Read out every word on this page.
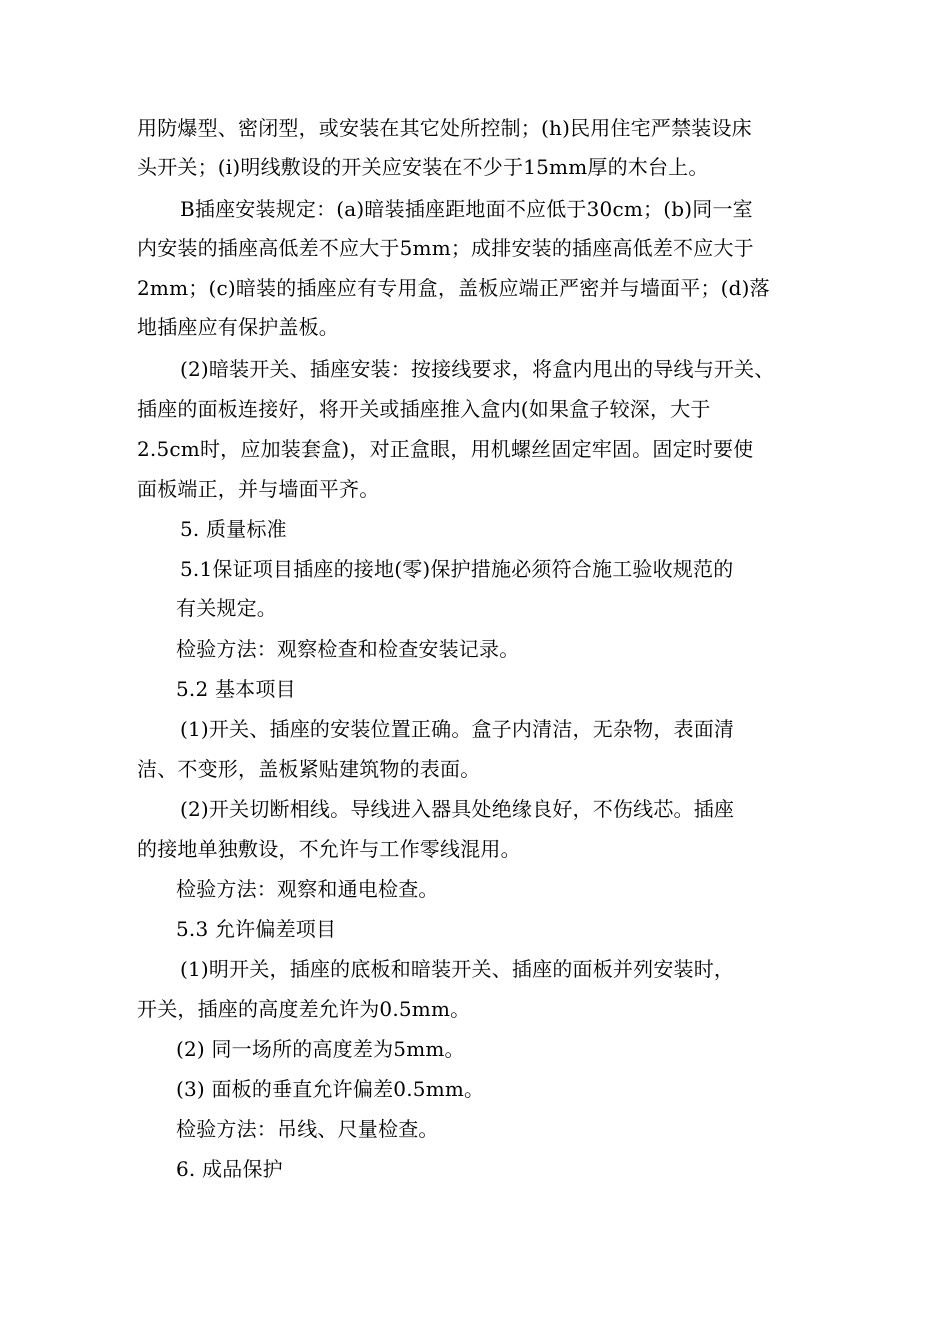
用防爆型、密闭型，或安装在其它处所控制；(h)民用住宅严禁装设床
头开关；(i)明线敷设的开关应安装在不少于15mm厚的木台上。
B插座安装规定：(a)暗装插座距地面不应低于30cm；(b)同一室
内安装的插座高低差不应大于5mm；成排安装的插座高低差不应大于
2mm；(c)暗装的插座应有专用盒，盖板应端正严密并与墙面平；(d)落
地插座应有保护盖板。
(2)暗装开关、插座安装：按接线要求，将盒内甩出的导线与开关、
插座的面板连接好，将开关或插座推入盒内(如果盒子较深，大于
2.5cm时，应加装套盒)，对正盒眼，用机螺丝固定牢固。固定时要使
面板端正，并与墙面平齐。
5. 质量标准
5.1保证项目插座的接地(零)保护措施必须符合施工验收规范的
有关规定。
检验方法：观察检查和检查安装记录。
5.2 基本项目
(1)开关、插座的安装位置正确。盒子内清洁，无杂物，表面清
洁、不变形，盖板紧贴建筑物的表面。
(2)开关切断相线。导线进入器具处绝缘良好，不伤线芯。插座
的接地单独敷设，不允许与工作零线混用。
检验方法：观察和通电检查。
5.3 允许偏差项目
(1)明开关，插座的底板和暗装开关、插座的面板并列安装时，
开关，插座的高度差允许为0.5mm。
(2) 同一场所的高度差为5mm。
(3) 面板的垂直允许偏差0.5mm。
检验方法：吊线、尺量检查。
6. 成品保护
